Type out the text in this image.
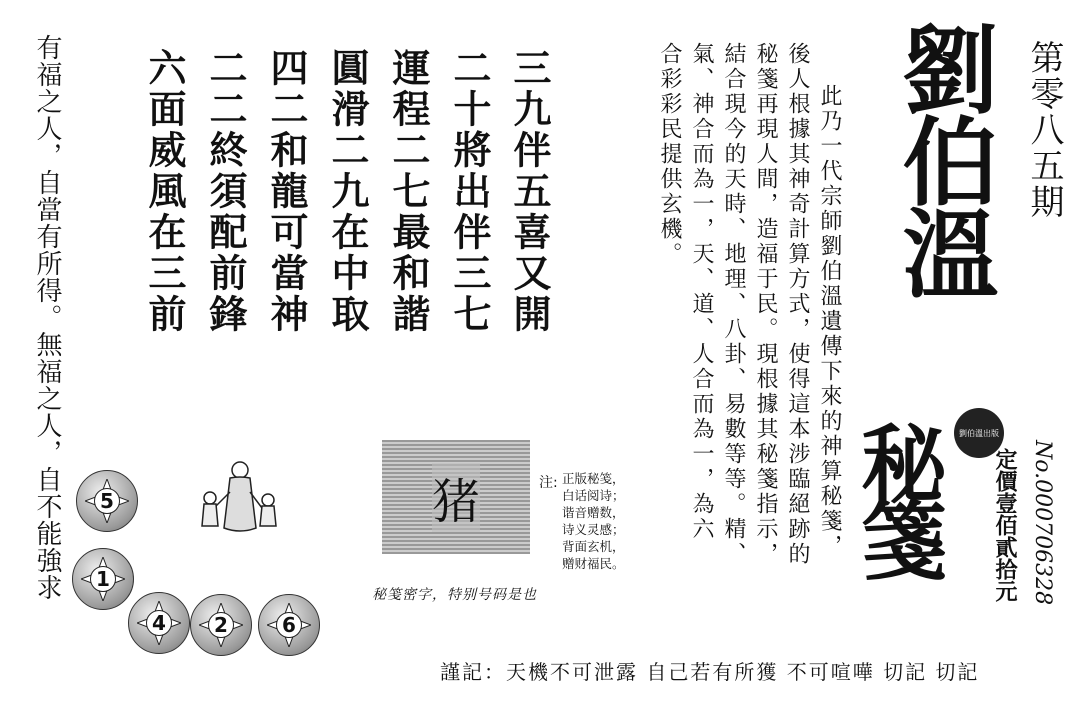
有福之人，自當有所得。無福之人，自不能強求	三九伴五喜又開
二十將出伴三七
運程二七最和諧
圓滑二九在中取
四二和龍可當神
二二終須配前鋒
六面威風在三前	劉伯溫 第零八五期
此乃一代宗師劉伯溫遺傳下來的神算秘箋，
後人根據其神奇計算方式，使得這本涉臨絕跡的
秘箋再現人間，造福于民。現根據其秘箋指示，
結合現今的天時、地理、八卦、易數等等。精、
氣、神合而為一，天、道、人合而為一，為六
合彩彩民提供玄機。
劉伯溫出版
秘箋 定價壹佰貳拾元 No.000706328
猪	注: 正版秘笺，
白话阅诗；
谐音赠数，
诗义灵感；
背面玄机，
赠财福民。
秘笺密字，特别号码是也
5
1
4	2	6
謹記：天機不可泄露 自己若有所獲 不可喧嘩 切記 切記
